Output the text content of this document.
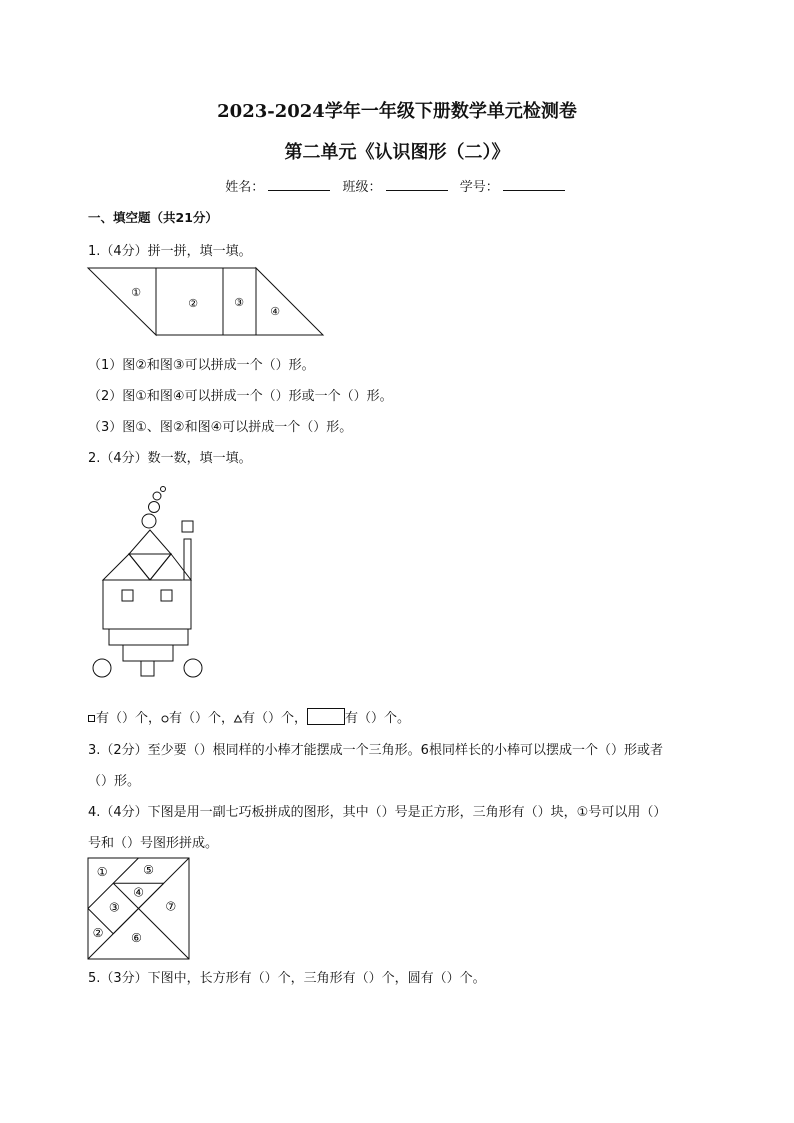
2023-2024学年一年级下册数学单元检测卷
第二单元《认识图形（二）》
姓名：	班级：	学号：
一、填空题（共21分）
1.（4分）拼一拼，填一填。
①
②	③
④
（1）图②和图③可以拼成一个（）形。
（2）图①和图④可以拼成一个（）形或一个（）形。
（3）图①、图②和图④可以拼成一个（）形。
2.（4分）数一数，填一填。
有（）个， 有（）个， 有（）个，	有（）个。
3.（2分）至少要（）根同样的小棒才能摆成一个三角形。6根同样长的小棒可以摆成一个（）形或者
（）形。
4.（4分）下图是用一副七巧板拼成的图形，其中（）号是正方形，三角形有（）块，①号可以用（）
号和（）号图形拼成。
①	⑤
④
③	⑦
② ⑥
5.（3分）下图中，长方形有（）个，三角形有（）个，圆有（）个。
